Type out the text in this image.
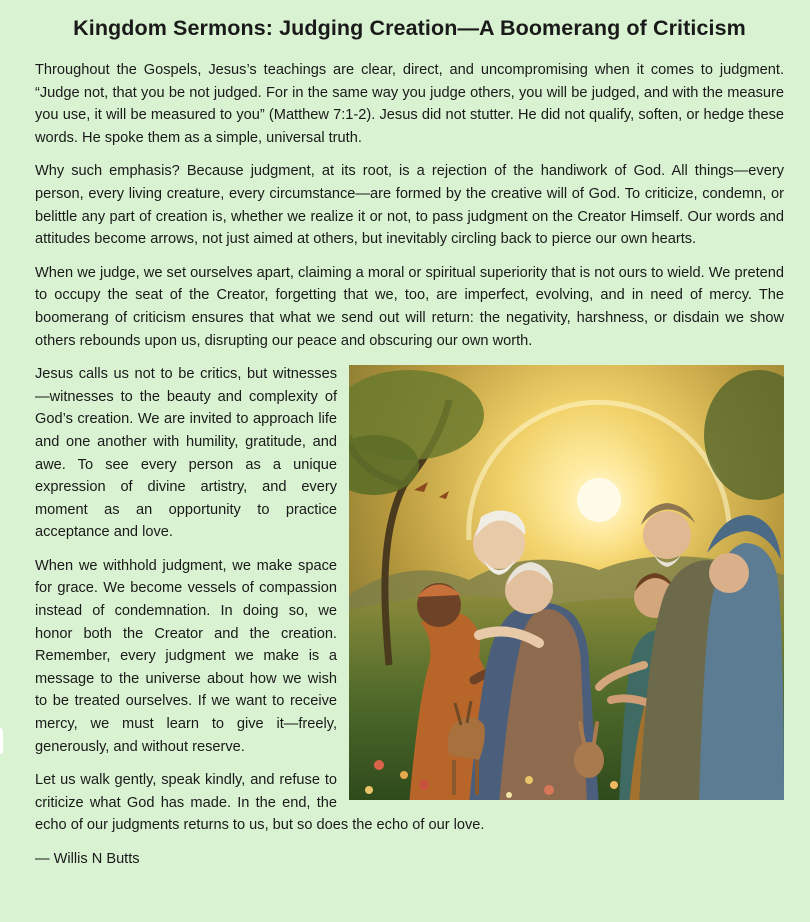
Kingdom Sermons: Judging Creation—A Boomerang of Criticism

Throughout the Gospels, Jesus’s teachings are clear, direct, and uncompromising when it comes to judgment. “Judge not, that you be not judged. For in the same way you judge others, you will be judged, and with the measure you use, it will be measured to you” (Matthew 7:1-2). Jesus did not stutter. He did not qualify, soften, or hedge these words. He spoke them as a simple, universal truth.

Why such emphasis? Because judgment, at its root, is a rejection of the handiwork of God. All things—every person, every living creature, every circumstance—are formed by the creative will of God. To criticize, condemn, or belittle any part of creation is, whether we realize it or not, to pass judgment on the Creator Himself. Our words and attitudes become arrows, not just aimed at others, but inevitably circling back to pierce our own hearts.

When we judge, we set ourselves apart, claiming a moral or spiritual superiority that is not ours to wield. We pretend to occupy the seat of the Creator, forgetting that we, too, are imperfect, evolving, and in need of mercy. The boomerang of criticism ensures that what we send out will return: the negativity, harshness, or disdain we show others rebounds upon us, disrupting our peace and obscuring our own worth.

Jesus calls us not to be critics, but witnesses—witnesses to the beauty and complexity of God’s creation. We are invited to approach life and one another with humility, gratitude, and awe. To see every person as a unique expression of divine artistry, and every moment as an opportunity to practice acceptance and love.

When we withhold judgment, we make space for grace. We become vessels of compassion instead of condemnation. In doing so, we honor both the Creator and the creation. Remember, every judgment we make is a message to the universe about how we wish to be treated ourselves. If we want to receive mercy, we must learn to give it—freely, generously, and without reserve.

Let us walk gently, speak kindly, and refuse to criticize what God has made. In the end, the echo of our judgments returns to us, but so does the echo of our love.

— Willis N Butts
